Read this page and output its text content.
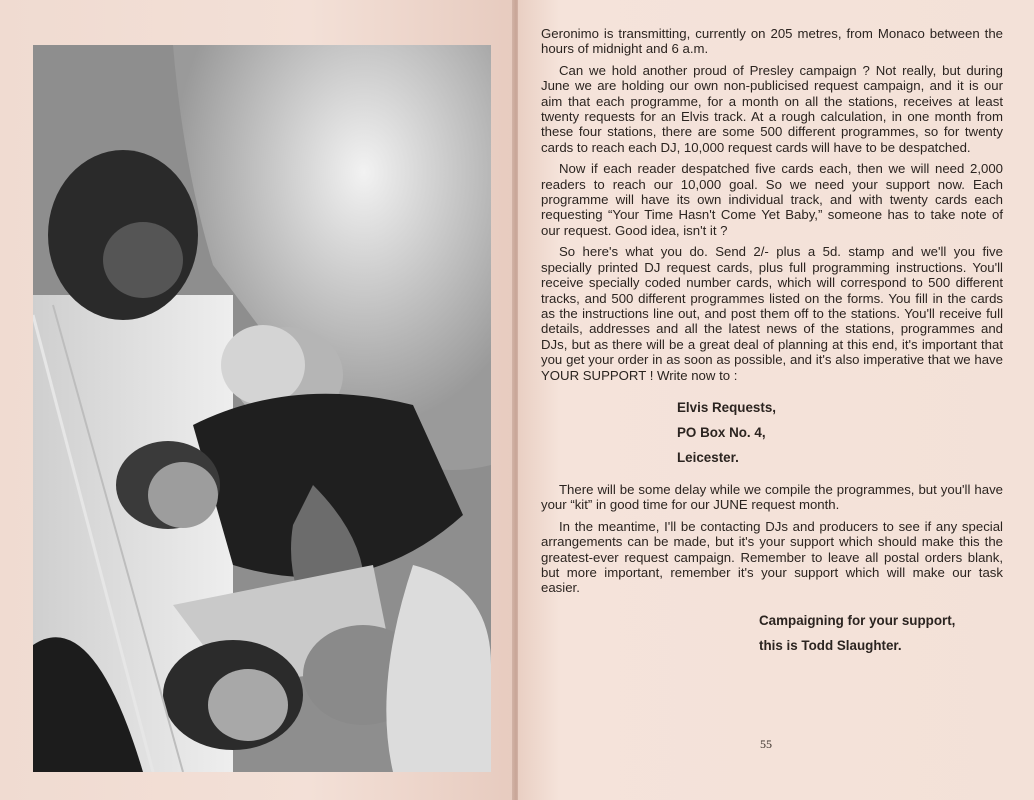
Geronimo is transmitting, currently on 205 metres, from Monaco between the hours of midnight and 6 a.m.

Can we hold another proud of Presley campaign ? Not really, but during June we are holding our own non-publicised request campaign, and it is our aim that each programme, for a month on all the stations, receives at least twenty requests for an Elvis track. At a rough calculation, in one month from these four stations, there are some 500 different programmes, so for twenty cards to reach each DJ, 10,000 request cards will have to be despatched.

Now if each reader despatched five cards each, then we will need 2,000 readers to reach our 10,000 goal. So we need your support now. Each programme will have its own individual track, and with twenty cards each requesting “Your Time Hasn't Come Yet Baby,” someone has to take note of our request. Good idea, isn't it ?

So here's what you do. Send 2/- plus a 5d. stamp and we'll you five specially printed DJ request cards, plus full programming instructions. You'll receive specially coded number cards, which will correspond to 500 different tracks, and 500 different programmes listed on the forms. You fill in the cards as the instructions line out, and post them off to the stations. You'll receive full details, addresses and all the latest news of the stations, programmes and DJs, but as there will be a great deal of planning at this end, it's important that you get your order in as soon as possible, and it's also imperative that we have YOUR SUPPORT ! Write now to :

Elvis Requests,
PO Box No. 4,
Leicester.

There will be some delay while we compile the programmes, but you'll have your “kit” in good time for our JUNE request month.

In the meantime, I'll be contacting DJs and producers to see if any special arrangements can be made, but it's your support which should make this the greatest-ever request campaign. Remember to leave all postal orders blank, but more important, remember it's your support which will make our task easier.

Campaigning for your support,
this is Todd Slaughter.
55
